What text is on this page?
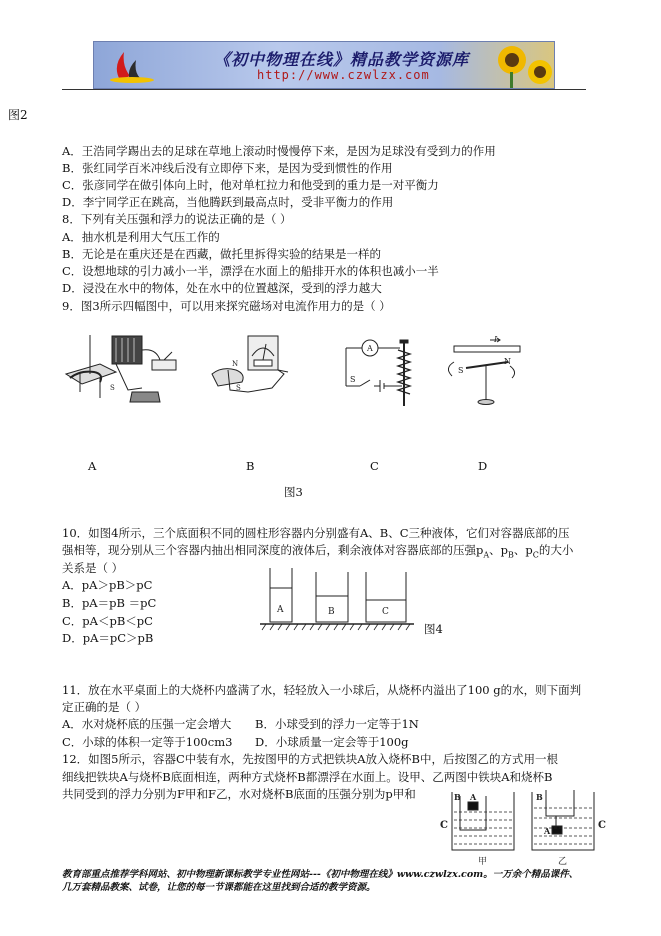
《初中物理在线》精品教学资源库
http://www.czwlzx.com
图2
A．王浩同学踢出去的足球在草地上滚动时慢慢停下来，是因为足球没有受到力的作用
B．张红同学百米冲线后没有立即停下来，是因为受到惯性的作用
C．张彦同学在做引体向上时，他对单杠拉力和他受到的重力是一对平衡力
D．李宁同学正在跳高，当他腾跃到最高点时，受非平衡力的作用
8．下列有关压强和浮力的说法正确的是（ ）
A．抽水机是利用大气压工作的
B．无论是在重庆还是在西藏，做托里拆得实验的结果是一样的
C．设想地球的引力减小一半，漂浮在水面上的船排开水的体积也减小一半
D．浸没在水中的物体，处在水中的位置越深，受到的浮力越大
9．图3所示四幅图中，可以用来探究磁场对电流作用力的是（ ）
S
N
S
A
S
I
S
N
A	B	C	D
图3
10．如图4所示，三个底面积不同的圆柱形容器内分别盛有A、B、C三种液体，它们对容器底部的压
强相等，现分别从三个容器内抽出相同深度的液体后，剩余液体对容器底部的压强$p_A$、$p_B$、$p_C$的大小
关系是（ ）
A．pA＞pB＞pC
B．pA＝pB ＝pC
C．pA＜pB＜pC
D．pA＝pC＞pB
A	B	C
图4
11．放在水平桌面上的大烧杯内盛满了水，轻轻放入一小球后，从烧杯内溢出了100 g的水，则下面判
定正确的是（ ）
A．水对烧杯底的压强一定会增大 B．小球受到的浮力一定等于1N
C．小球的体积一定等于100cm3 D．小球质量一定会等于100g
12．如图5所示，容器C中装有水，先按图甲的方式把铁块A放入烧杯B中，后按图乙的方式用一根
细线把铁块A与烧杯B底面相连，两种方式烧杯B都漂浮在水面上。设甲、乙两图中铁块A和烧杯B
共同受到的浮力分别为F甲和F乙，水对烧杯B底面的压强分别为p甲和
C	C
B A	B
A
甲	乙
教育部重点推荐学科网站、初中物理新课标教学专业性网站---《初中物理在线》www.czwlzx.com。一万余个精品课件、
几万套精品教案、试卷，让您的每一节课都能在这里找到合适的教学资源。
